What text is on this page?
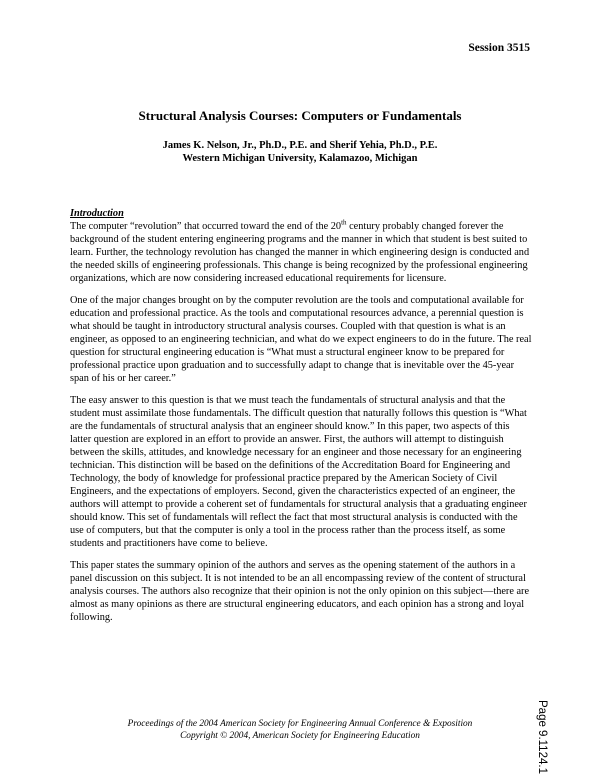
Session 3515
Structural Analysis Courses: Computers or Fundamentals
James K. Nelson, Jr., Ph.D., P.E. and Sherif Yehia, Ph.D., P.E.
Western Michigan University, Kalamazoo, Michigan
Introduction

The computer “revolution” that occurred toward the end of the 20th century probably changed forever the background of the student entering engineering programs and the manner in which that student is best suited to learn. Further, the technology revolution has changed the manner in which engineering design is conducted and the needed skills of engineering professionals. This change is being recognized by the professional engineering organizations, which are now considering increased educational requirements for licensure.

One of the major changes brought on by the computer revolution are the tools and computational available for education and professional practice. As the tools and computational resources advance, a perennial question is what should be taught in introductory structural analysis courses. Coupled with that question is what is an engineer, as opposed to an engineering technician, and what do we expect engineers to do in the future. The real question for structural engineering education is “What must a structural engineer know to be prepared for professional practice upon graduation and to successfully adapt to change that is inevitable over the 45-year span of his or her career.”

The easy answer to this question is that we must teach the fundamentals of structural analysis and that the student must assimilate those fundamentals. The difficult question that naturally follows this question is “What are the fundamentals of structural analysis that an engineer should know.” In this paper, two aspects of this latter question are explored in an effort to provide an answer. First, the authors will attempt to distinguish between the skills, attitudes, and knowledge necessary for an engineer and those necessary for an engineering technician. This distinction will be based on the definitions of the Accreditation Board for Engineering and Technology, the body of knowledge for professional practice prepared by the American Society of Civil Engineers, and the expectations of employers. Second, given the characteristics expected of an engineer, the authors will attempt to provide a coherent set of fundamentals for structural analysis that a graduating engineer should know. This set of fundamentals will reflect the fact that most structural analysis is conducted with the use of computers, but that the computer is only a tool in the process rather than the process itself, as some students and practitioners have come to believe.

This paper states the summary opinion of the authors and serves as the opening statement of the authors in a panel discussion on this subject. It is not intended to be an all encompassing review of the content of structural analysis courses. The authors also recognize that their opinion is not the only opinion on this subject—there are almost as many opinions as there are structural engineering educators, and each opinion has a strong and loyal following.

Proceedings of the 2004 American Society for Engineering Annual Conference & Exposition
Copyright © 2004, American Society for Engineering Education	Page 9.1124.1
